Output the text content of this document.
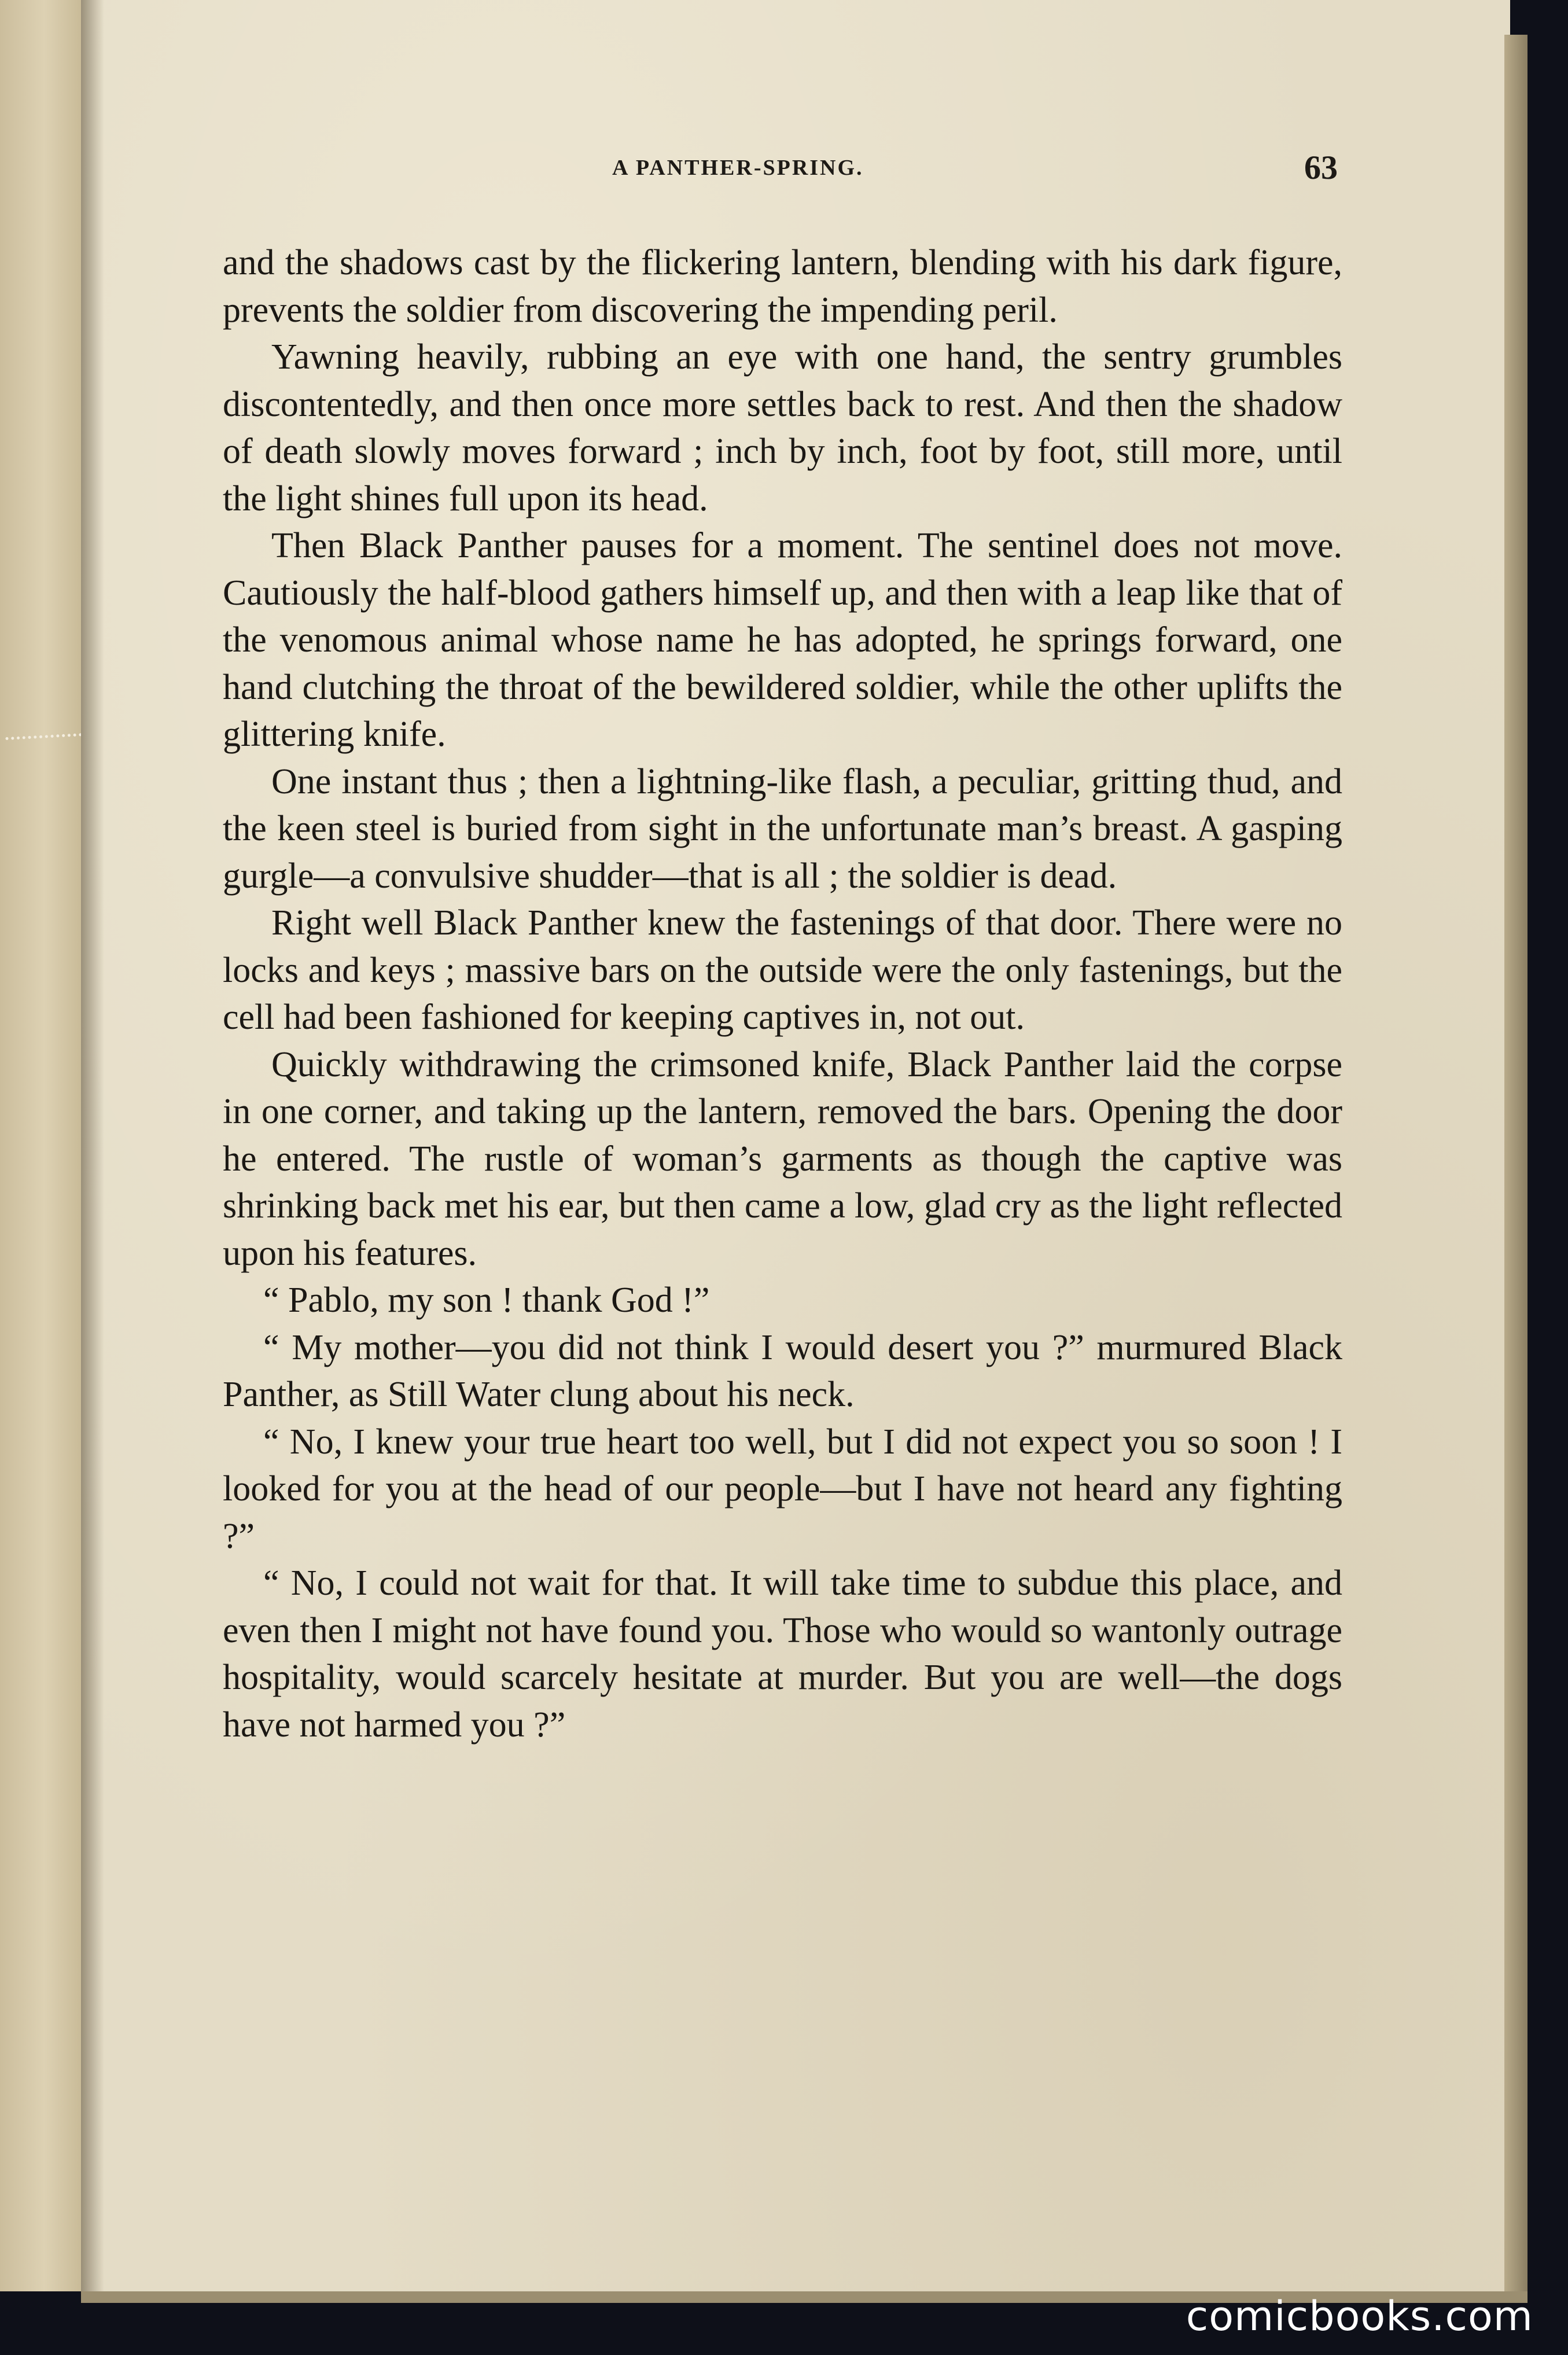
A PANTHER-SPRING.	63

and the shadows cast by the flickering lantern, blending with his dark figure, prevents the soldier from discovering the impending peril.

Yawning heavily, rubbing an eye with one hand, the sentry grumbles discontentedly, and then once more settles back to rest. And then the shadow of death slowly moves forward ; inch by inch, foot by foot, still more, until the light shines full upon its head.

Then Black Panther pauses for a moment. The sentinel does not move. Cautiously the half-blood gathers himself up, and then with a leap like that of the venomous animal whose name he has adopted, he springs forward, one hand clutching the throat of the bewildered soldier, while the other uplifts the glittering knife.

One instant thus ; then a lightning-like flash, a peculiar, gritting thud, and the keen steel is buried from sight in the unfortunate man’s breast. A gasping gurgle—a convulsive shudder—that is all ; the soldier is dead.

Right well Black Panther knew the fastenings of that door. There were no locks and keys ; massive bars on the outside were the only fastenings, but the cell had been fashioned for keeping captives in, not out.

Quickly withdrawing the crimsoned knife, Black Panther laid the corpse in one corner, and taking up the lantern, removed the bars. Opening the door he entered. The rustle of woman’s garments as though the captive was shrinking back met his ear, but then came a low, glad cry as the light reflected upon his features.

“ Pablo, my son ! thank God !”

“ My mother—you did not think I would desert you ?” murmured Black Panther, as Still Water clung about his neck.

“ No, I knew your true heart too well, but I did not expect you so soon ! I looked for you at the head of our people—but I have not heard any fighting ?”

“ No, I could not wait for that. It will take time to subdue this place, and even then I might not have found you. Those who would so wantonly outrage hospitality, would scarcely hesitate at murder. But you are well—the dogs have not harmed you ?”

comicbooks.com
